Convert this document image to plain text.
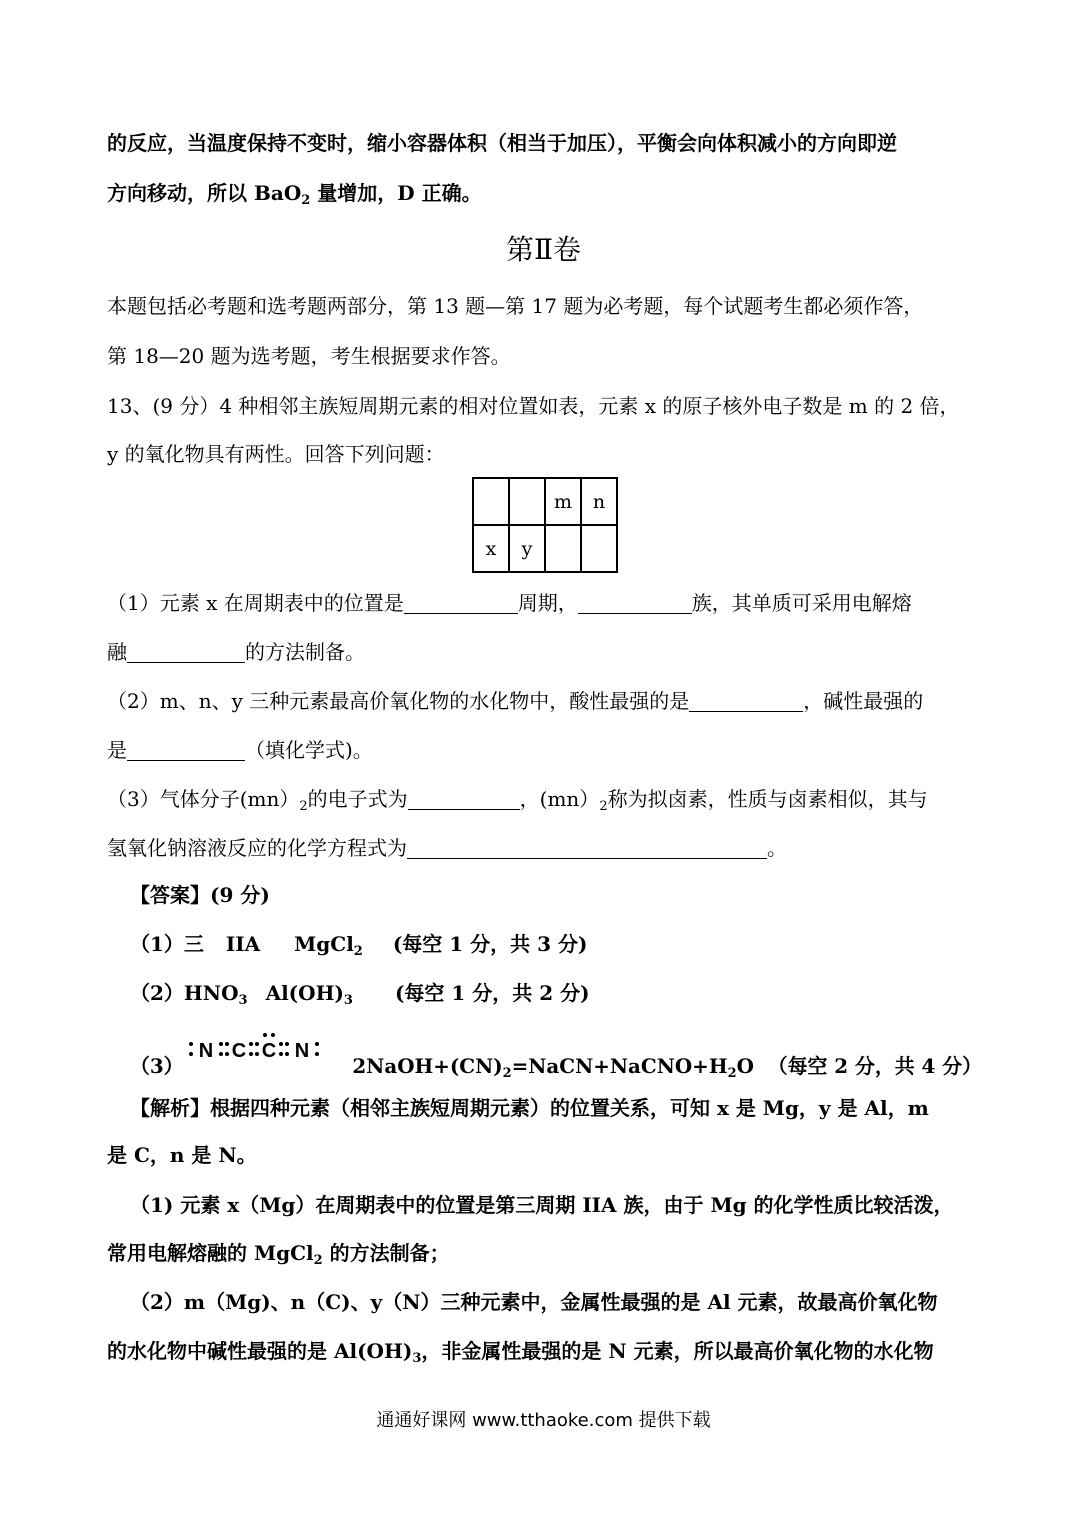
的反应，当温度保持不变时，缩小容器体积（相当于加压），平衡会向体积减小的方向即逆
方向移动，所以 BaO$_2$ 量增加，D 正确。
第Ⅱ卷
本题包括必考题和选考题两部分，第 13 题—第 17 题为必考题，每个试题考生都必须作答，
第 18—20 题为选考题，考生根据要求作答。
13、(9 分）4 种相邻主族短周期元素的相对位置如表，元素 x 的原子核外电子数是 m 的 2 倍，
y 的氧化物具有两性。回答下列问题：
		m	n
x	y		
（1）元素 x 在周期表中的位置是	周期，	族，其单质可采用电解熔
融	的方法制备。
（2）m、n、y 三种元素最高价氧化物的水化物中，酸性最强的是	，碱性最强的
是	（填化学式)。
（3）气体分子$(mn)_2$的电子式为	，$(mn)_2$称为拟卤素，性质与卤素相似，其与
氢氧化钠溶液反应的化学方程式为	。
【答案】(9 分)
（1）三 IIA MgCl$_2$ (每空 1 分，共 3 分)
$(2)HNO_3$ $Al(OH)_3$ (每空 1 分，共 2 分)
N C C N
（3）	$2NaOH+(CN)_2=NaCN+NaCNO+H_2O$ （每空 2 分，共 4 分）
【解析】根据四种元素（相邻主族短周期元素）的位置关系，可知 x 是 Mg，y 是 Al，m
是 C，n 是 N。
（1) 元素 x（Mg）在周期表中的位置是第三周期 IIA 族，由于 Mg 的化学性质比较活泼，
常用电解熔融的 MgCl$_2$ 的方法制备；
（2）m（Mg)、n（C)、y（N）三种元素中，金属性最强的是 Al 元素，故最高价氧化物
的水化物中碱性最强的是 $Al(OH)_3$，非金属性最强的是 N 元素，所以最高价氧化物的水化物
通通好课网 www.tthaoke.com 提供下载
